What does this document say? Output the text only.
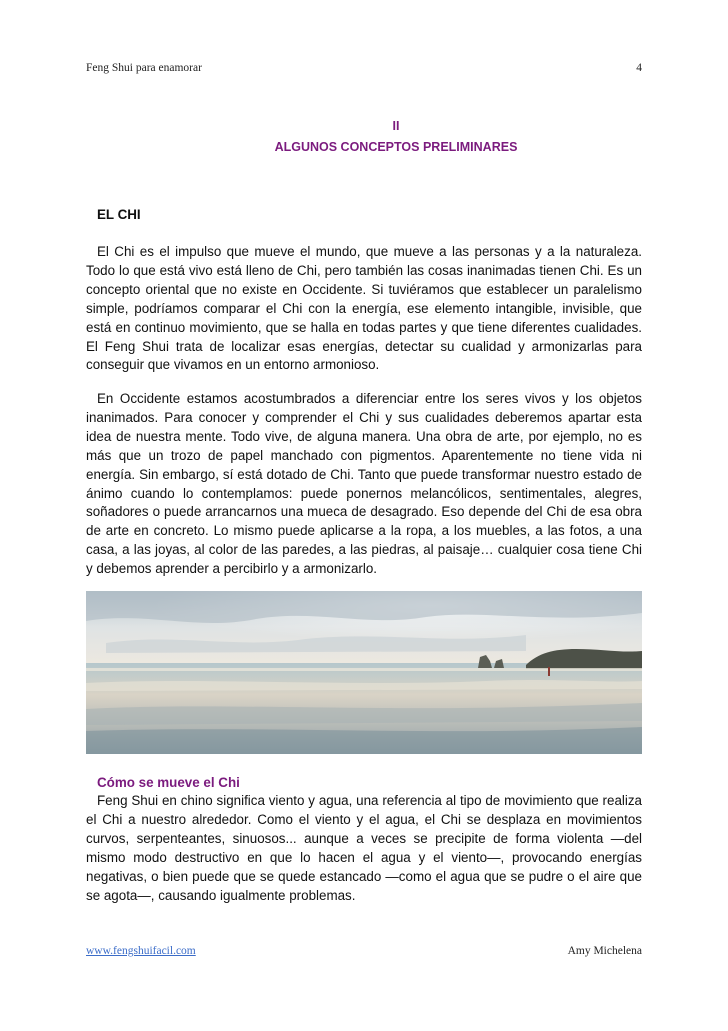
Feng Shui para enamorar	4
II
ALGUNOS CONCEPTOS PRELIMINARES
EL CHI

El Chi es el impulso que mueve el mundo, que mueve a las personas y a la naturaleza. Todo lo que está vivo está lleno de Chi, pero también las cosas inanimadas tienen Chi. Es un concepto oriental que no existe en Occidente. Si tuviéramos que establecer un paralelismo simple, podríamos comparar el Chi con la energía, ese elemento intangible, invisible, que está en continuo movimiento, que se halla en todas partes y que tiene diferentes cualidades. El Feng Shui trata de localizar esas energías, detectar su cualidad y armonizarlas para conseguir que vivamos en un entorno armonioso.

En Occidente estamos acostumbrados a diferenciar entre los seres vivos y los objetos inanimados. Para conocer y comprender el Chi y sus cualidades deberemos apartar esta idea de nuestra mente. Todo vive, de alguna manera. Una obra de arte, por ejemplo, no es más que un trozo de papel manchado con pigmentos. Aparentemente no tiene vida ni energía. Sin embargo, sí está dotado de Chi. Tanto que puede transformar nuestro estado de ánimo cuando lo contemplamos: puede ponernos melancólicos, sentimentales, alegres, soñadores o puede arrancarnos una mueca de desagrado. Eso depende del Chi de esa obra de arte en concreto. Lo mismo puede aplicarse a la ropa, a los muebles, a las fotos, a una casa, a las joyas, al color de las paredes, a las piedras, al paisaje… cualquier cosa tiene Chi y debemos aprender a percibirlo y a armonizarlo.

Cómo se mueve el Chi

Feng Shui en chino significa viento y agua, una referencia al tipo de movimiento que realiza el Chi a nuestro alrededor. Como el viento y el agua, el Chi se desplaza en movimientos curvos, serpenteantes, sinuosos... aunque a veces se precipite de forma violenta —del mismo modo destructivo en que lo hacen el agua y el viento—, provocando energías negativas, o bien puede que se quede estancado —como el agua que se pudre o el aire que se agota—, causando igualmente problemas.

www.fengshuifacil.com	Amy Michelena
